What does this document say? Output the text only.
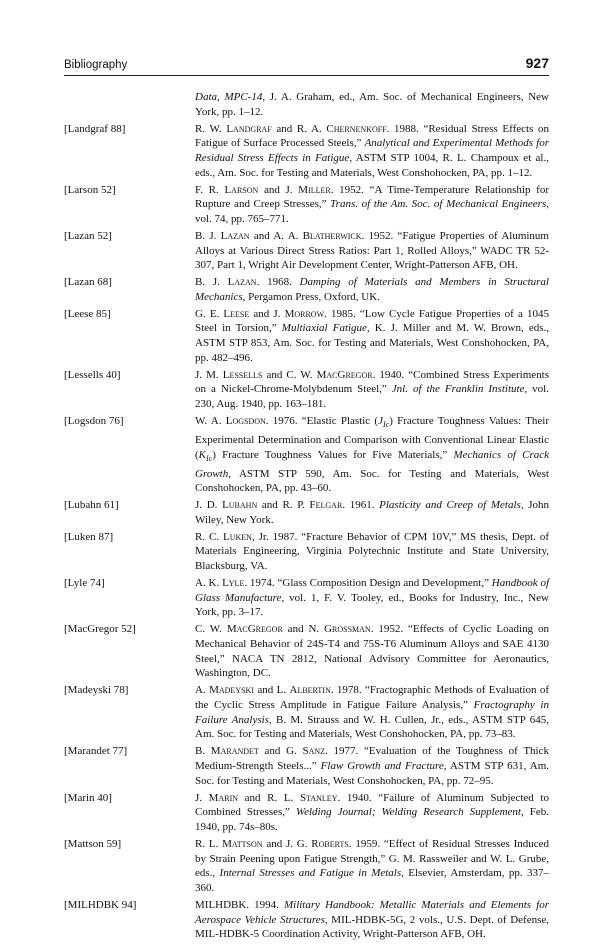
Bibliography	927
Data, MPC-14, J. A. Graham, ed., Am. Soc. of Mechanical Engineers, New York, pp. 1–12.
[Landgraf 88]	R. W. Landgraf and R. A. Chernenkoff. 1988. “Residual Stress Effects on Fatigue of Surface Processed Steels,” Analytical and Experimental Methods for Residual Stress Effects in Fatigue, ASTM STP 1004, R. L. Champoux et al., eds., Am. Soc. for Testing and Materials, West Conshohocken, PA, pp. 1–12.
[Larson 52]	F. R. Larson and J. Miller. 1952. “A Time-Temperature Relationship for Rupture and Creep Stresses,” Trans. of the Am. Soc. of Mechanical Engineers, vol. 74, pp. 765–771.
[Lazan 52]	B. J. Lazan and A. A. Blatherwick. 1952. “Fatigue Properties of Aluminum Alloys at Various Direct Stress Ratios: Part 1, Rolled Alloys,” WADC TR 52-307, Part 1, Wright Air Development Center, Wright-Patterson AFB, OH.
[Lazan 68]	B. J. Lazan. 1968. Damping of Materials and Members in Structural Mechanics, Pergamon Press, Oxford, UK.
[Leese 85]	G. E. Leese and J. Morrow. 1985. “Low Cycle Fatigue Properties of a 1045 Steel in Torsion,” Multiaxial Fatigue, K. J. Miller and M. W. Brown, eds., ASTM STP 853, Am. Soc. for Testing and Materials, West Conshohocken, PA, pp. 482–496.
[Lessells 40]	J. M. Lessells and C. W. MacGregor. 1940. “Combined Stress Experiments on a Nickel-Chrome-Molybdenum Steel,” Jnl. of the Franklin Institute, vol. 230, Aug. 1940, pp. 163–181.
[Logsdon 76]	W. A. Logsdon. 1976. “Elastic Plastic $(J_{Ic})$ Fracture Toughness Values: Their Experimental Determination and Comparison with Conventional Linear Elastic $(K_{Ic})$ Fracture Toughness Values for Five Materials,” Mechanics of Crack Growth, ASTM STP 590, Am. Soc. for Testing and Materials, West Conshohocken, PA, pp. 43–60.
[Lubahn 61]	J. D. Lubahn and R. P. Felgar. 1961. Plasticity and Creep of Metals, John Wiley, New York.
[Luken 87]	R. C. Luken, Jr. 1987. “Fracture Behavior of CPM 10V,” MS thesis, Dept. of Materials Engineering, Virginia Polytechnic Institute and State University, Blacksburg, VA.
[Lyle 74]	A. K. Lyle. 1974. “Glass Composition Design and Development,” Handbook of Glass Manufacture, vol. 1, F. V. Tooley, ed., Books for Industry, Inc., New York, pp. 3–17.
[MacGregor 52]	C. W. MacGregor and N. Grossman. 1952. “Effects of Cyclic Loading on Mechanical Behavior of 24S-T4 and 75S-T6 Aluminum Alloys and SAE 4130 Steel,” NACA TN 2812, National Advisory Committee for Aeronautics, Washington, DC.
[Madeyski 78]	A. Madeyski and L. Albertin. 1978. “Fractographic Methods of Evaluation of the Cyclic Stress Amplitude in Fatigue Failure Analysis,” Fractography in Failure Analysis, B. M. Strauss and W. H. Cullen, Jr., eds., ASTM STP 645, Am. Soc. for Testing and Materials, West Conshohocken, PA, pp. 73–83.
[Marandet 77]	B. Marandet and G. Sanz. 1977. “Evaluation of the Toughness of Thick Medium-Strength Steels...” Flaw Growth and Fracture, ASTM STP 631, Am. Soc. for Testing and Materials, West Conshohocken, PA, pp. 72–95.
[Marin 40]	J. Marin and R. L. Stanley. 1940. “Failure of Aluminum Subjected to Combined Stresses,” Welding Journal; Welding Research Supplement, Feb. 1940, pp. 74s–80s.
[Mattson 59]	R. L. Mattson and J. G. Roberts. 1959. “Effect of Residual Stresses Induced by Strain Peening upon Fatigue Strength,” G. M. Rassweiler and W. L. Grube, eds., Internal Stresses and Fatigue in Metals, Elsevier, Amsterdam, pp. 337–360.
[MILHDBK 94]	MILHDBK. 1994. Military Handbook: Metallic Materials and Elements for Aerospace Vehicle Structures, MIL-HDBK-5G, 2 vols., U.S. Dept. of Defense, MIL-HDBK-5 Coordination Activity, Wright-Patterson AFB, OH.
